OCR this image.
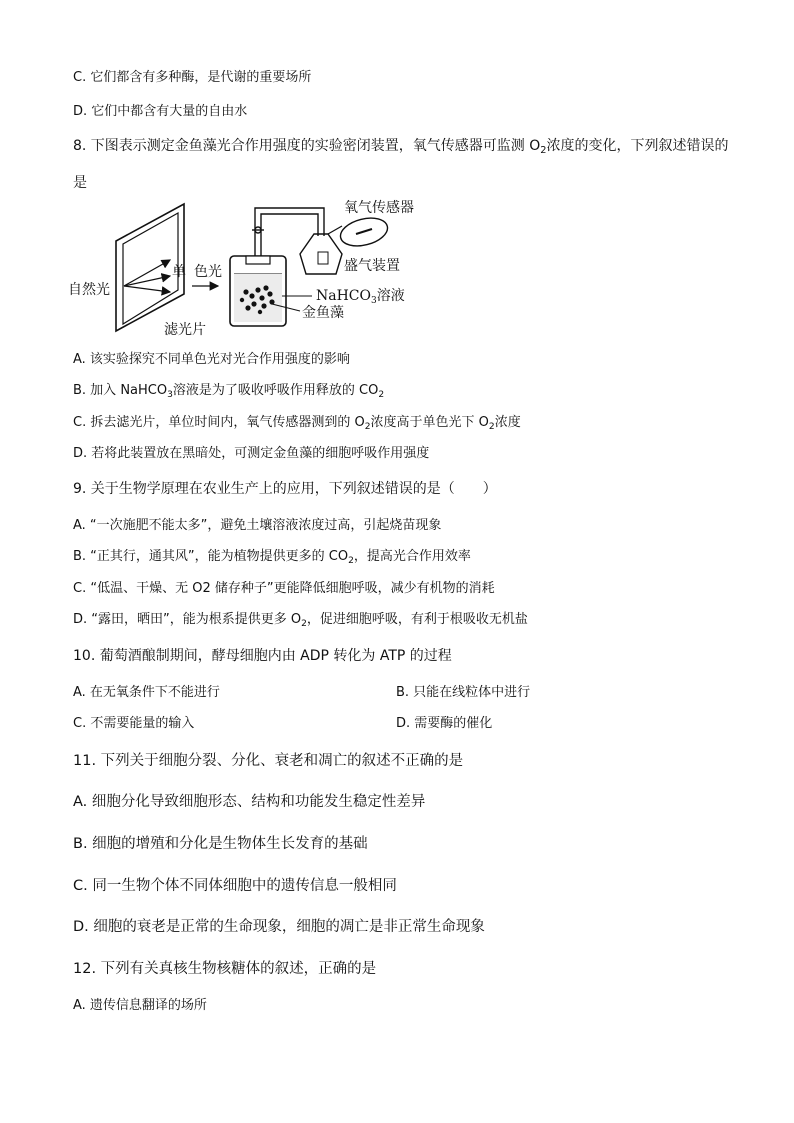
C. 它们都含有多种酶，是代谢的重要场所
D. 它们中都含有大量的自由水
8. 下图表示测定金鱼藻光合作用强度的实验密闭装置，氧气传感器可监测 $O_2$浓度的变化，下列叙述错误的
是
自然光
单 色光
滤光片
氧气传感器
盛气装置
NaHCO$_3$溶液
金鱼藻
A. 该实验探究不同单色光对光合作用强度的影响
B. 加入 NaHCO$_3$溶液是为了吸收呼吸作用释放的 $CO_2$
C. 拆去滤光片，单位时间内，氧气传感器测到的 $O_2$浓度高于单色光下 $O_2$浓度
D. 若将此装置放在黑暗处，可测定金鱼藻的细胞呼吸作用强度
9. 关于生物学原理在农业生产上的应用，下列叙述错误的是（　　）
A. “一次施肥不能太多”，避免土壤溶液浓度过高，引起烧苗现象
B. “正其行，通其风”，能为植物提供更多的 $CO_2$，提高光合作用效率
C. “低温、干燥、无 O2 储存种子”更能降低细胞呼吸，减少有机物的消耗
D. “露田，晒田”，能为根系提供更多 $O_2$，促进细胞呼吸，有利于根吸收无机盐
10. 葡萄酒酿制期间，酵母细胞内由 ADP 转化为 ATP 的过程
A. 在无氧条件下不能进行	B. 只能在线粒体中进行
C. 不需要能量的输入	D. 需要酶的催化
11. 下列关于细胞分裂、分化、衰老和凋亡的叙述不正确的是
A. 细胞分化导致细胞形态、结构和功能发生稳定性差异
B. 细胞的增殖和分化是生物体生长发育的基础
C. 同一生物个体不同体细胞中的遗传信息一般相同
D. 细胞的衰老是正常的生命现象，细胞的凋亡是非正常生命现象
12. 下列有关真核生物核糖体的叙述，正确的是
A. 遗传信息翻译的场所
